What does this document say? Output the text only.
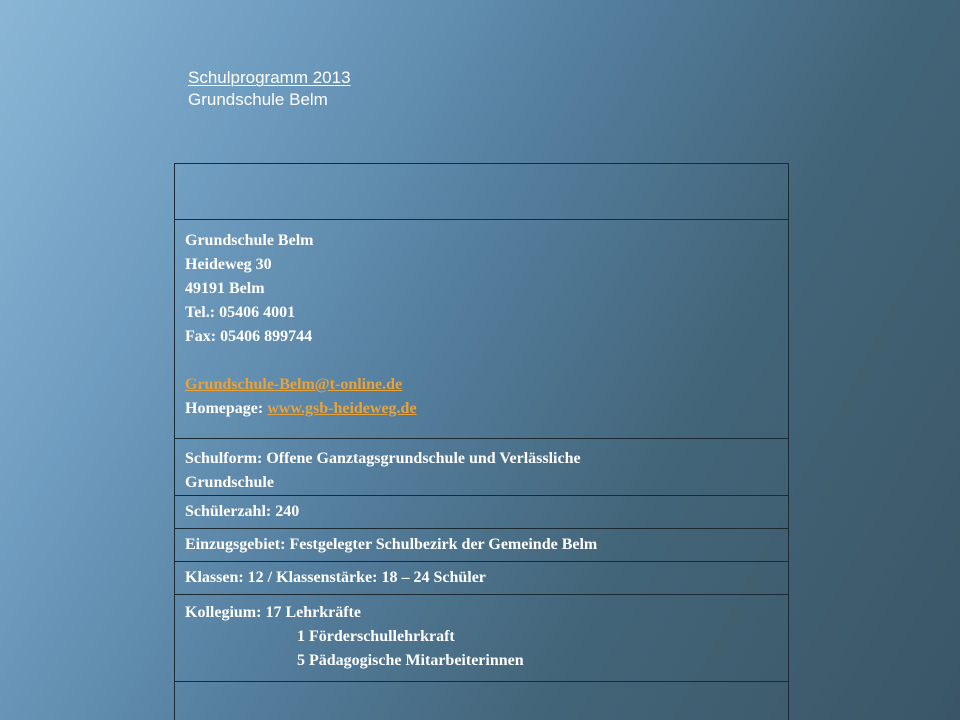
Schulprogramm 2013
Grundschule Belm

Grundschule Belm
Heideweg 30
49191 Belm
Tel.: 05406 4001
Fax: 05406 899744

Grundschule-Belm@t-online.de
Homepage: www.gsb-heideweg.de

Schulform: Offene Ganztagsgrundschule und Verlässliche
Grundschule

Schülerzahl: 240
Einzugsgebiet: Festgelegter Schulbezirk der Gemeinde Belm
Klassen: 12 / Klassenstärke: 18 – 24 Schüler

Kollegium: 17 Lehrkräfte
1 Förderschullehrkraft
5 Pädagogische Mitarbeiterinnen
